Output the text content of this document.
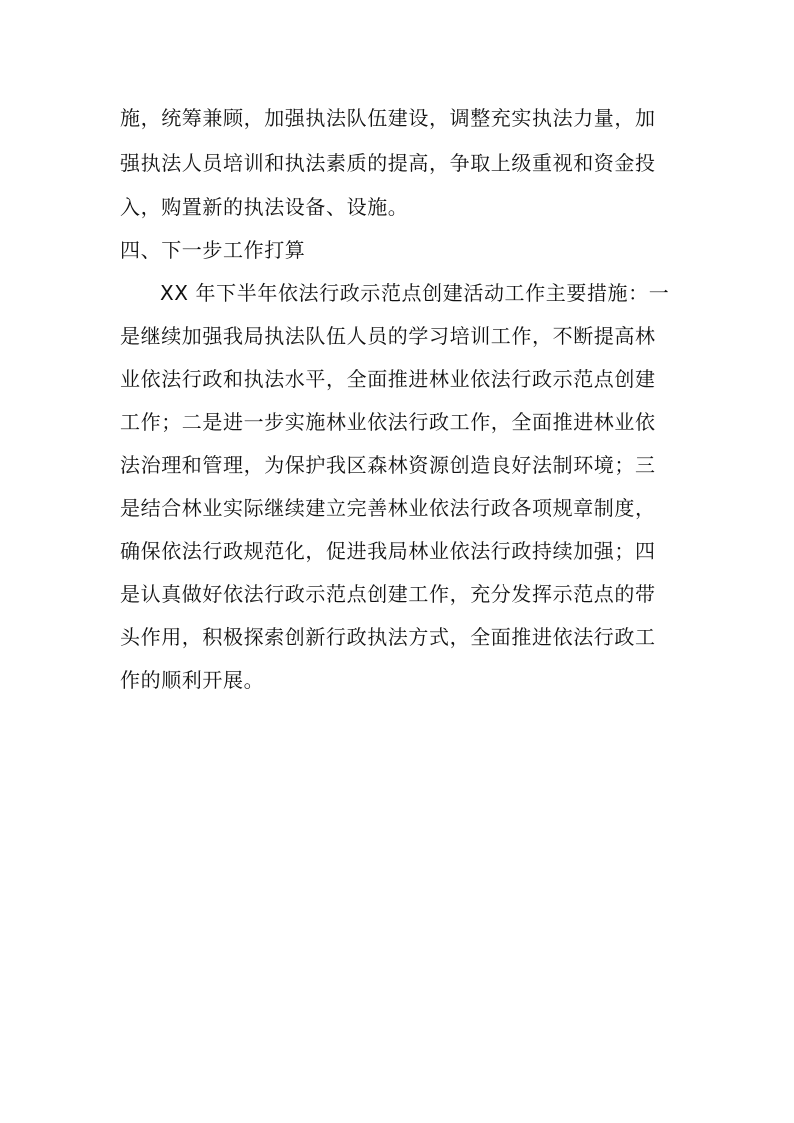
施，统筹兼顾，加强执法队伍建设，调整充实执法力量，加
强执法人员培训和执法素质的提高，争取上级重视和资金投
入，购置新的执法设备、设施。
四、下一步工作打算
XX 年下半年依法行政示范点创建活动工作主要措施：一
是继续加强我局执法队伍人员的学习培训工作，不断提高林
业依法行政和执法水平，全面推进林业依法行政示范点创建
工作；二是进一步实施林业依法行政工作，全面推进林业依
法治理和管理，为保护我区森林资源创造良好法制环境；三
是结合林业实际继续建立完善林业依法行政各项规章制度，
确保依法行政规范化，促进我局林业依法行政持续加强；四
是认真做好依法行政示范点创建工作，充分发挥示范点的带
头作用，积极探索创新行政执法方式，全面推进依法行政工
作的顺利开展。
